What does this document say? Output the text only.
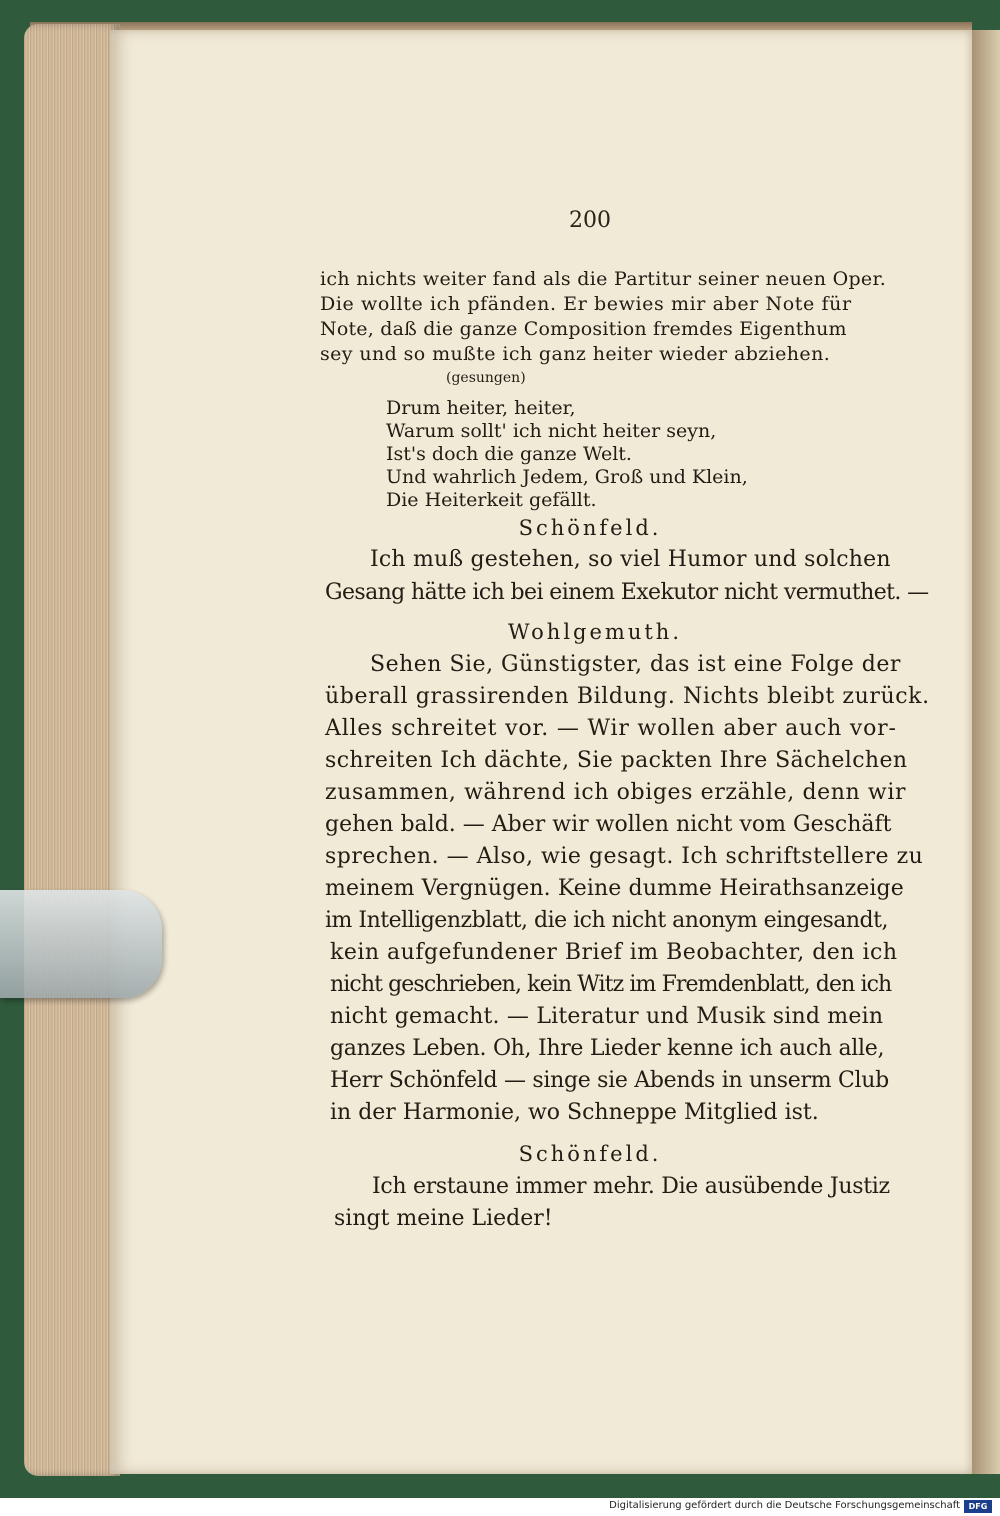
200
ich nichts weiter fand als die Partitur seiner neuen Oper.
Die wollte ich pfänden. Er bewies mir aber Note für
Note, daß die ganze Composition fremdes Eigenthum
sey und so mußte ich ganz heiter wieder abziehen.
(gesungen)
Drum heiter, heiter,
Warum sollt' ich nicht heiter seyn,
Ist's doch die ganze Welt.
Und wahrlich Jedem, Groß und Klein,
Die Heiterkeit gefällt.
Schönfeld.
Ich muß gestehen, so viel Humor und solchen
Gesang hätte ich bei einem Exekutor nicht vermuthet. —
Wohlgemuth.
Sehen Sie, Günstigster, das ist eine Folge der
überall grassirenden Bildung. Nichts bleibt zurück.
Alles schreitet vor. — Wir wollen aber auch vor-
schreiten Ich dächte, Sie packten Ihre Sächelchen
zusammen, während ich obiges erzähle, denn wir
gehen bald. — Aber wir wollen nicht vom Geschäft
sprechen. — Also, wie gesagt. Ich schriftstellere zu
meinem Vergnügen. Keine dumme Heirathsanzeige
im Intelligenzblatt, die ich nicht anonym eingesandt,
kein aufgefundener Brief im Beobachter, den ich
nicht geschrieben, kein Witz im Fremdenblatt, den ich
nicht gemacht. — Literatur und Musik sind mein
ganzes Leben. Oh, Ihre Lieder kenne ich auch alle,
Herr Schönfeld — singe sie Abends in unserm Club
in der Harmonie, wo Schneppe Mitglied ist.
Schönfeld.
Ich erstaune immer mehr. Die ausübende Justiz
singt meine Lieder!
Digitalisierung gefördert durch die Deutsche Forschungsgemeinschaft	DFG
